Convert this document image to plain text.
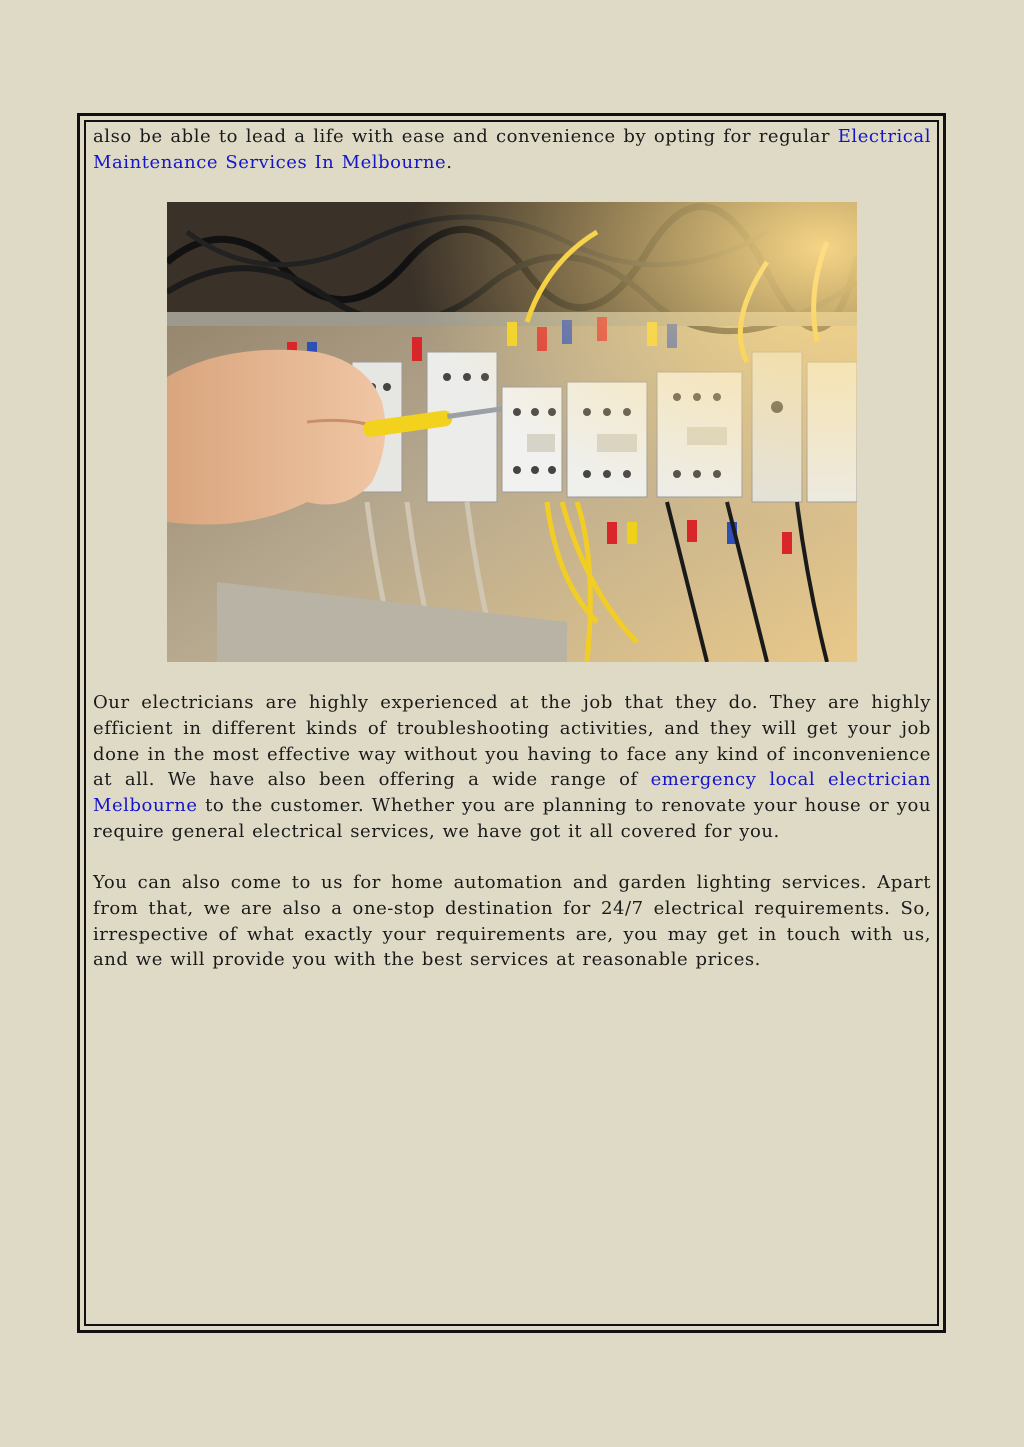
also be able to lead a life with ease and convenience by opting for regular Electrical Maintenance Services In Melbourne.

Our electricians are highly experienced at the job that they do. They are highly efficient in different kinds of troubleshooting activities, and they will get your job done in the most effective way without you having to face any kind of inconvenience at all. We have also been offering a wide range of emergency local electrician Melbourne to the customer. Whether you are planning to renovate your house or you require general electrical services, we have got it all covered for you.

You can also come to us for home automation and garden lighting services. Apart from that, we are also a one-stop destination for 24/7 electrical requirements. So, irrespective of what exactly your requirements are, you may get in touch with us, and we will provide you with the best services at reasonable prices.
